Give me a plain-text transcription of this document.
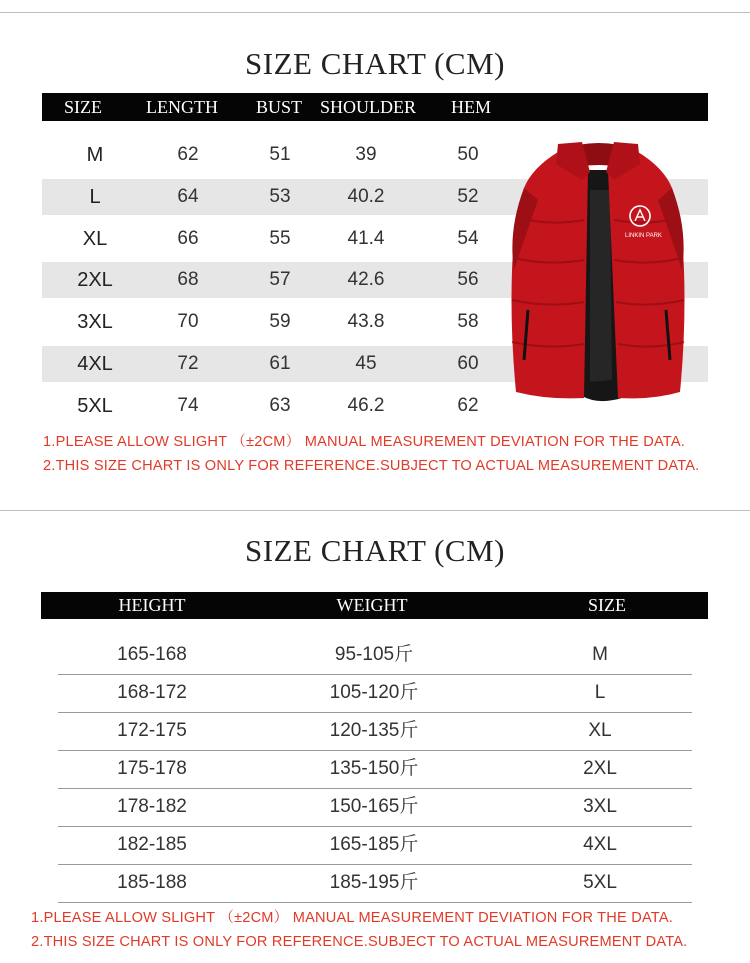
SIZE CHART (CM)
SIZE LENGTH BUST SHOULDER HEM
M	62	51	39	50
L	64	53	40.2	52
XL	66	55	41.4	54
2XL	68	57	42.6	56
3XL	70	59	43.8	58
4XL	72	61	45	60
5XL	74	63	46.2	62
1.PLEASE ALLOW SLIGHT （±2CM） MANUAL MEASUREMENT DEVIATION FOR THE DATA.
2.THIS SIZE CHART IS ONLY FOR REFERENCE.SUBJECT TO ACTUAL MEASUREMENT DATA.
LINKIN PARK
SIZE CHART (CM)
HEIGHT	WEIGHT	SIZE
165-168	95-105斤	M
168-172	105-120斤	L
172-175	120-135斤	XL
175-178	135-150斤	2XL
178-182	150-165斤	3XL
182-185	165-185斤	4XL
185-188	185-195斤	5XL
1.PLEASE ALLOW SLIGHT （±2CM） MANUAL MEASUREMENT DEVIATION FOR THE DATA.
2.THIS SIZE CHART IS ONLY FOR REFERENCE.SUBJECT TO ACTUAL MEASUREMENT DATA.
